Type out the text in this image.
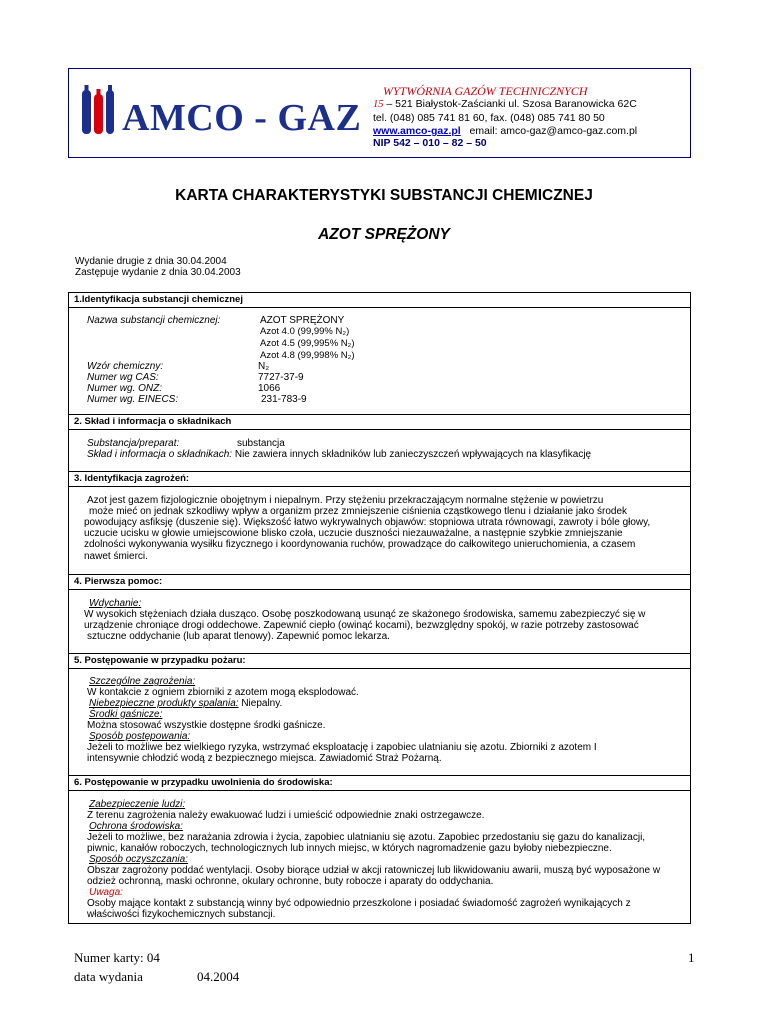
AMCO - GAZ
WYTWÓRNIA GAZÓW TECHNICZNYCH
15 – 521 Białystok-Zaścianki ul. Szosa Baranowicka 62C
tel. (048) 085 741 81 60, fax. (048) 085 741 80 50
www.amco-gaz.pl email: amco-gaz@amco-gaz.com.pl
NIP 542 – 010 – 82 – 50
KARTA CHARAKTERYSTYKI SUBSTANCJI CHEMICZNEJ
AZOT SPRĘŻONY
Wydanie drugie z dnia 30.04.2004
Zastępuje wydanie z dnia 30.04.2003
1.Identyfikacja substancji chemicznej
Nazwa substancji chemicznej:	AZOT SPRĘŻONY
Azot 4.0 (99,99% N₂)
Azot 4.5 (99,995% N₂)
Azot 4.8 (99,998% N₂)
Wzór chemiczny:	N₂
Numer wg CAS:	7727-37-9
Numer wg. ONZ:	1066
Numer wg. EINECS:	231-783-9
2. Skład i informacja o składnikach
Substancja/preparat:	substancja
Skład i informacja o składnikach: Nie zawiera innych składników lub zanieczyszczeń wpływających na klasyfikację
3. Identyfikacja zagrożeń:
Azot jest gazem fizjologicznie obojętnym i niepalnym. Przy stężeniu przekraczającym normalne stężenie w powietrzu
może mieć on jednak szkodliwy wpływ a organizm przez zmniejszenie ciśnienia cząstkowego tlenu i działanie jako środek
powodujący asfiksję (duszenie się). Większość łatwo wykrywalnych objawów: stopniowa utrata równowagi, zawroty i bóle głowy,
uczucie ucisku w głowie umiejscowione blisko czoła, uczucie duszności niezauważalne, a następnie szybkie zmniejszanie
zdolności wykonywania wysiłku fizycznego i koordynowania ruchów, prowadzące do całkowitego unieruchomienia, a czasem
nawet śmierci.
4. Pierwsza pomoc:
Wdychanie:
W wysokich stężeniach działa dusząco. Osobę poszkodowaną usunąć ze skażonego środowiska, samemu zabezpieczyć się w
urządzenie chroniące drogi oddechowe. Zapewnić ciepło (owinąć kocami), bezwzględny spokój, w razie potrzeby zastosować
sztuczne oddychanie (lub aparat tlenowy). Zapewnić pomoc lekarza.
5. Postępowanie w przypadku pożaru:
Szczególne zagrożenia:
W kontakcie z ogniem zbiorniki z azotem mogą eksplodować.
Niebezpieczne produkty spalania: Niepalny.
Środki gaśnicze:
Można stosować wszystkie dostępne środki gaśnicze.
Sposób postępowania:
Jeżeli to możliwe bez wielkiego ryzyka, wstrzymać eksploatację i zapobiec ulatnianiu się azotu. Zbiorniki z azotem I
intensywnie chłodzić wodą z bezpiecznego miejsca. Zawiadomić Straż Pożarną.
6. Postępowanie w przypadku uwolnienia do środowiska:
Zabezpieczenie ludzi:
Z terenu zagrożenia należy ewakuować ludzi i umieścić odpowiednie znaki ostrzegawcze.
Ochrona środowiska:
Jeżeli to możliwe, bez narażania zdrowia i życia, zapobiec ulatnianiu się azotu. Zapobiec przedostaniu się gazu do kanalizacji,
piwnic, kanałów roboczych, technologicznych lub innych miejsc, w których nagromadzenie gazu byłoby niebezpieczne.
Sposób oczyszczania:
Obszar zagrożony poddać wentylacji. Osoby biorące udział w akcji ratowniczej lub likwidowaniu awarii, muszą być wyposażone w
odzież ochronną, maski ochronne, okulary ochronne, buty robocze i aparaty do oddychania.
Uwaga:
Osoby mające kontakt z substancją winny być odpowiednio przeszkolone i posiadać świadomość zagrożeń wynikających z
właściwości fizykochemicznych substancji.
Numer karty: 04
data wydania	04.2004
1
